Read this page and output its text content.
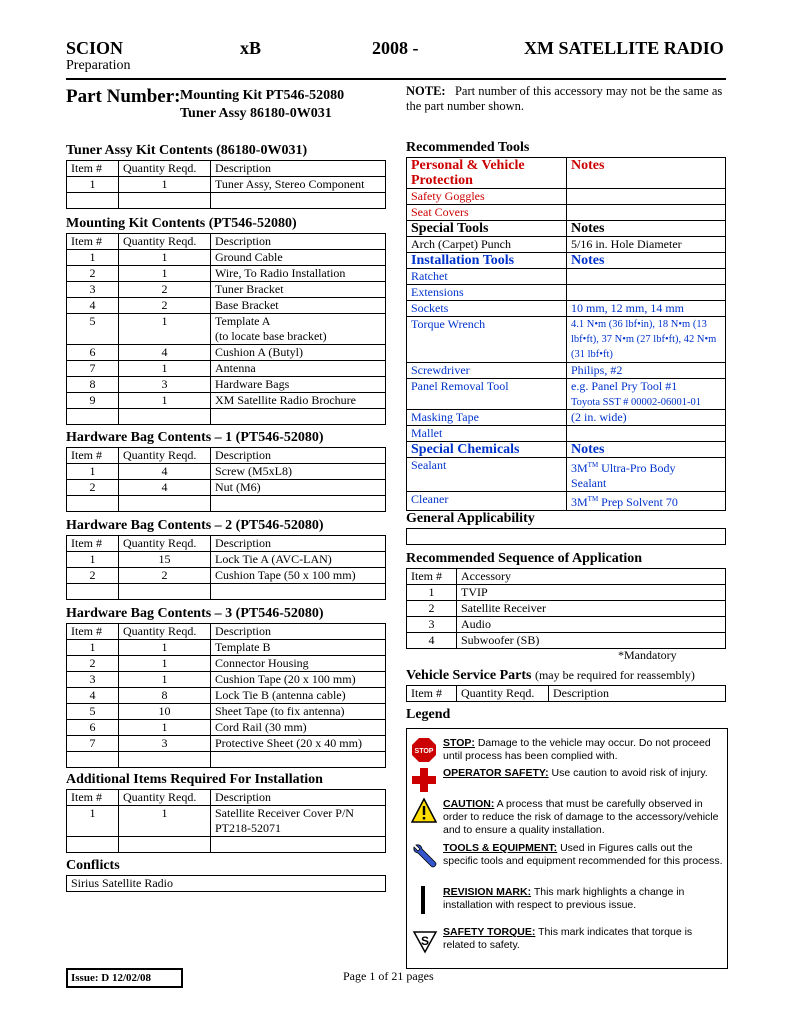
SCION	xB	2008 -	XM SATELLITE RADIO
Preparation
Part Number: Mounting Kit PT546-52080
Tuner Assy 86180-0W031
NOTE: Part number of this accessory may not be the same as the part number shown.
Tuner Assy Kit Contents (86180-0W031)
Item #	Quantity Reqd.	Description
1	1	Tuner Assy, Stereo Component

Mounting Kit Contents (PT546-52080)
Item #	Quantity Reqd.	Description
1	1	Ground Cable
2	1	Wire, To Radio Installation
3	2	Tuner Bracket
4	2	Base Bracket
5	1	Template A
(to locate base bracket)
6	4	Cushion A (Butyl)
7	1	Antenna
8	3	Hardware Bags
9	1	XM Satellite Radio Brochure

Hardware Bag Contents – 1 (PT546-52080)
Item #	Quantity Reqd.	Description
1	4	Screw (M5xL8)
2	4	Nut (M6)

Hardware Bag Contents – 2 (PT546-52080)
Item #	Quantity Reqd.	Description
1	15	Lock Tie A (AVC-LAN)
2	2	Cushion Tape (50 x 100 mm)

Hardware Bag Contents – 3 (PT546-52080)
Item #	Quantity Reqd.	Description
1	1	Template B
2	1	Connector Housing
3	1	Cushion Tape (20 x 100 mm)
4	8	Lock Tie B (antenna cable)
5	10	Sheet Tape (to fix antenna)
6	1	Cord Rail (30 mm)
7	3	Protective Sheet (20 x 40 mm)

Additional Items Required For Installation
Item #	Quantity Reqd.	Description
1	1	Satellite Receiver Cover P/N
PT218-52071

Conflicts
Sirius Satellite Radio
Recommended Tools
Personal & Vehicle Protection	Notes
Safety Goggles	
Seat Covers	
Special Tools	Notes
Arch (Carpet) Punch	5/16 in. Hole Diameter
Installation Tools	Notes
Ratchet	
Extensions	
Sockets	10 mm, 12 mm, 14 mm
Torque Wrench	4.1 N•m (36 lbf•in), 18 N•m (13 lbf•ft), 37 N•m (27 lbf•ft), 42 N•m (31 lbf•ft)
Screwdriver	Philips, #2
Panel Removal Tool	e.g. Panel Pry Tool #1
Toyota SST # 00002-06001-01
Masking Tape	(2 in. wide)
Mallet	
Special Chemicals	Notes
Sealant	3M™ Ultra-Pro Body
Sealant
Cleaner	3M™ Prep Solvent 70
General Applicability
Recommended Sequence of Application
Item #	Accessory
1	TVIP
2	Satellite Receiver
3	Audio
4	Subwoofer (SB)
*Mandatory
Vehicle Service Parts (may be required for reassembly)
Item #	Quantity Reqd.	Description
Legend
STOP
STOP: Damage to the vehicle may occur. Do not proceed until process has been complied with.
OPERATOR SAFETY: Use caution to avoid risk of injury.
CAUTION: A process that must be carefully observed in order to reduce the risk of damage to the accessory/vehicle and to ensure a quality installation.
TOOLS & EQUIPMENT: Used in Figures calls out the specific tools and equipment recommended for this process.
REVISION MARK: This mark highlights a change in installation with respect to previous issue.
S
SAFETY TORQUE: This mark indicates that torque is related to safety.
Issue: D 12/02/08	Page 1 of 21 pages
